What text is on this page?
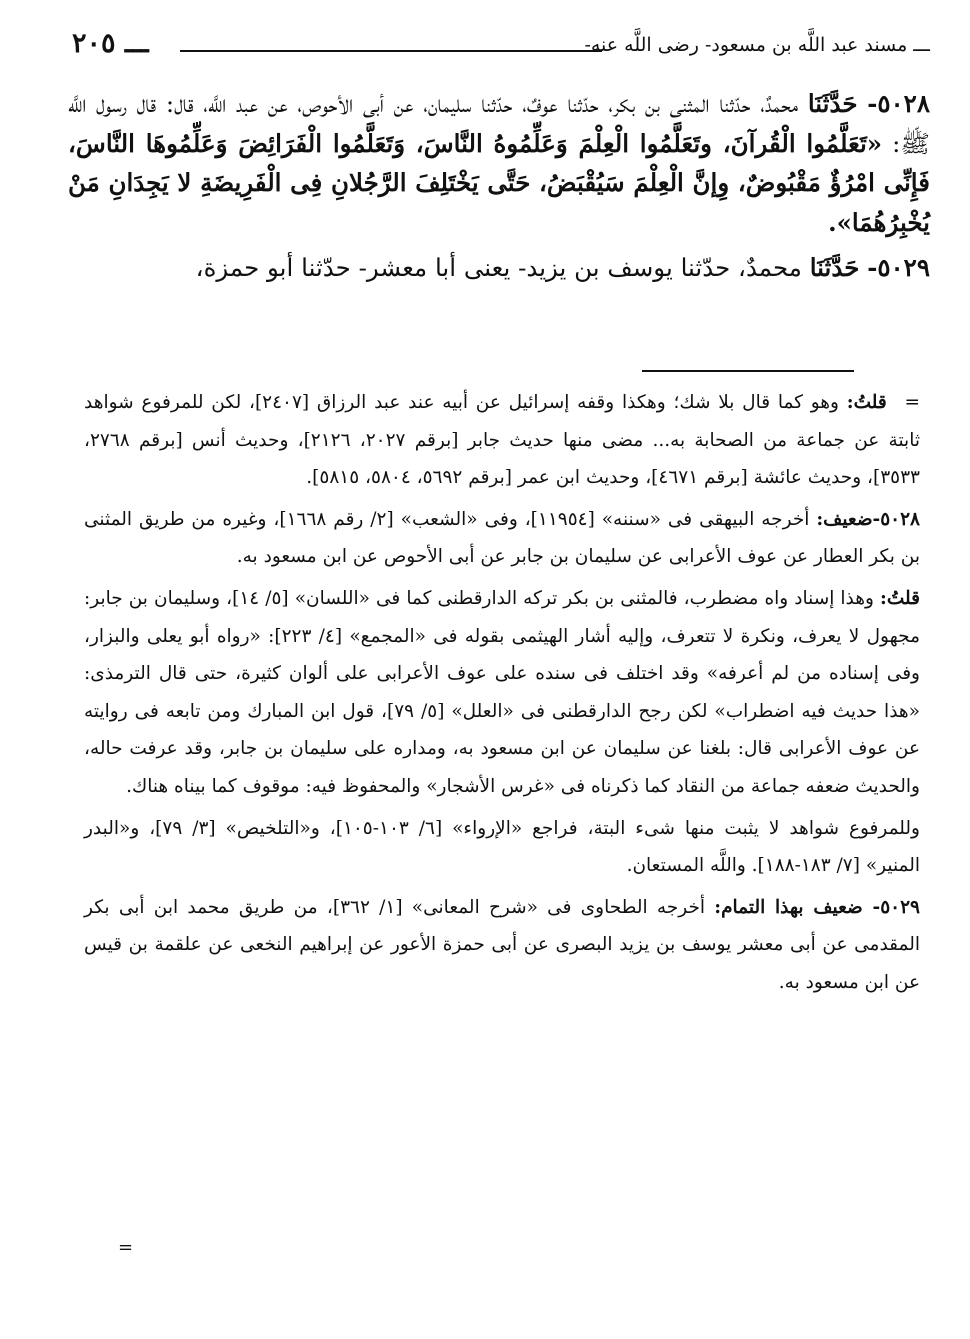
ـــ مسند عبد اللَّه بن مسعود- رضى اللَّه عنه-
ـــ ٢٠٥

٥٠٢٨- حَدَّثَنَا محمدٌ، حدّثنا المثنى بن بكر، حدّثنا عوفٌ، حدّثنا سليمان، عن أبى الأحوص، عن عبد اللَّه، قال: قال رسول اللَّه ﷺ: «تَعَلَّمُوا الْقُرآنَ، وتَعَلَّمُوا الْعِلْمَ وَعَلِّمُوهُ النَّاسَ، وَتَعَلَّمُوا الْفَرَائِضَ وَعَلِّمُوهَا النَّاسَ، فَإِنِّى امْرُؤٌ مَقْبُوضٌ، وِإنَّ الْعِلْمَ سَيُقْبَضُ، حَتَّى يَخْتَلِفَ الرَّجُلانِ فِى الْفَرِيضَةِ لا يَجِدَانِ مَنْ يُخْبِرُهُمَا».

٥٠٢٩- حَدَّثَنَا محمدٌ، حدّثنا يوسف بن يزيد- يعنى أبا معشر- حدّثنا أبو حمزة،

= قلتُ: وهو كما قال بلا شك؛ وهكذا وقفه إسرائيل عن أبيه عند عبد الرزاق [٢٤٠٧]، لكن للمرفوع شواهد ثابتة عن جماعة من الصحابة به... مضى منها حديث جابر [برقم ٢٠٢٧، ٢١٢٦]، وحديث أنس [برقم ٢٧٦٨، ٣٥٣٣]، وحديث عائشة [برقم ٤٦٧١]، وحديث ابن عمر [برقم ٥٦٩٢، ٥٨٠٤، ٥٨١٥].

٥٠٢٨-ضعيف: أخرجه البيهقى فى «سننه» [١١٩٥٤]، وفى «الشعب» [٢/ رقم ١٦٦٨]، وغيره من طريق المثنى بن بكر العطار عن عوف الأعرابى عن سليمان بن جابر عن أبى الأحوص عن ابن مسعود به.

قلتُ: وهذا إسناد واه مضطرب، فالمثنى بن بكر تركه الدارقطنى كما فى «اللسان» [٥/ ١٤]، وسليمان بن جابر: مجهول لا يعرف، ونكرة لا تتعرف، وإليه أشار الهيثمى بقوله فى «المجمع» [٤/ ٢٢٣]: «رواه أبو يعلى والبزار، وفى إسناده من لم أعرفه» وقد اختلف فى سنده على عوف الأعرابى على ألوان كثيرة، حتى قال الترمذى: «هذا حديث فيه اضطراب» لكن رجح الدارقطنى فى «العلل» [٥/ ٧٩]، قول ابن المبارك ومن تابعه فى روايته عن عوف الأعرابى قال: بلغنا عن سليمان عن ابن مسعود به، ومداره على سليمان بن جابر، وقد عرفت حاله، والحديث ضعفه جماعة من النقاد كما ذكرناه فى «غرس الأشجار» والمحفوظ فيه: موقوف كما بيناه هناك.

وللمرفوع شواهد لا يثبت منها شىء البتة، فراجع «الإرواء» [٦/ ١٠٣-١٠٥]، و«التلخيص» [٣/ ٧٩]، و«البدر المنير» [٧/ ١٨٣-١٨٨]. واللَّه المستعان.

٥٠٢٩- ضعيف بهذا التمام: أخرجه الطحاوى فى «شرح المعانى» [١/ ٣٦٢]، من طريق محمد ابن أبى بكر المقدمى عن أبى معشر يوسف بن يزيد البصرى عن أبى حمزة الأعور عن إبراهيم النخعى عن علقمة بن قيس عن ابن مسعود به.

=
